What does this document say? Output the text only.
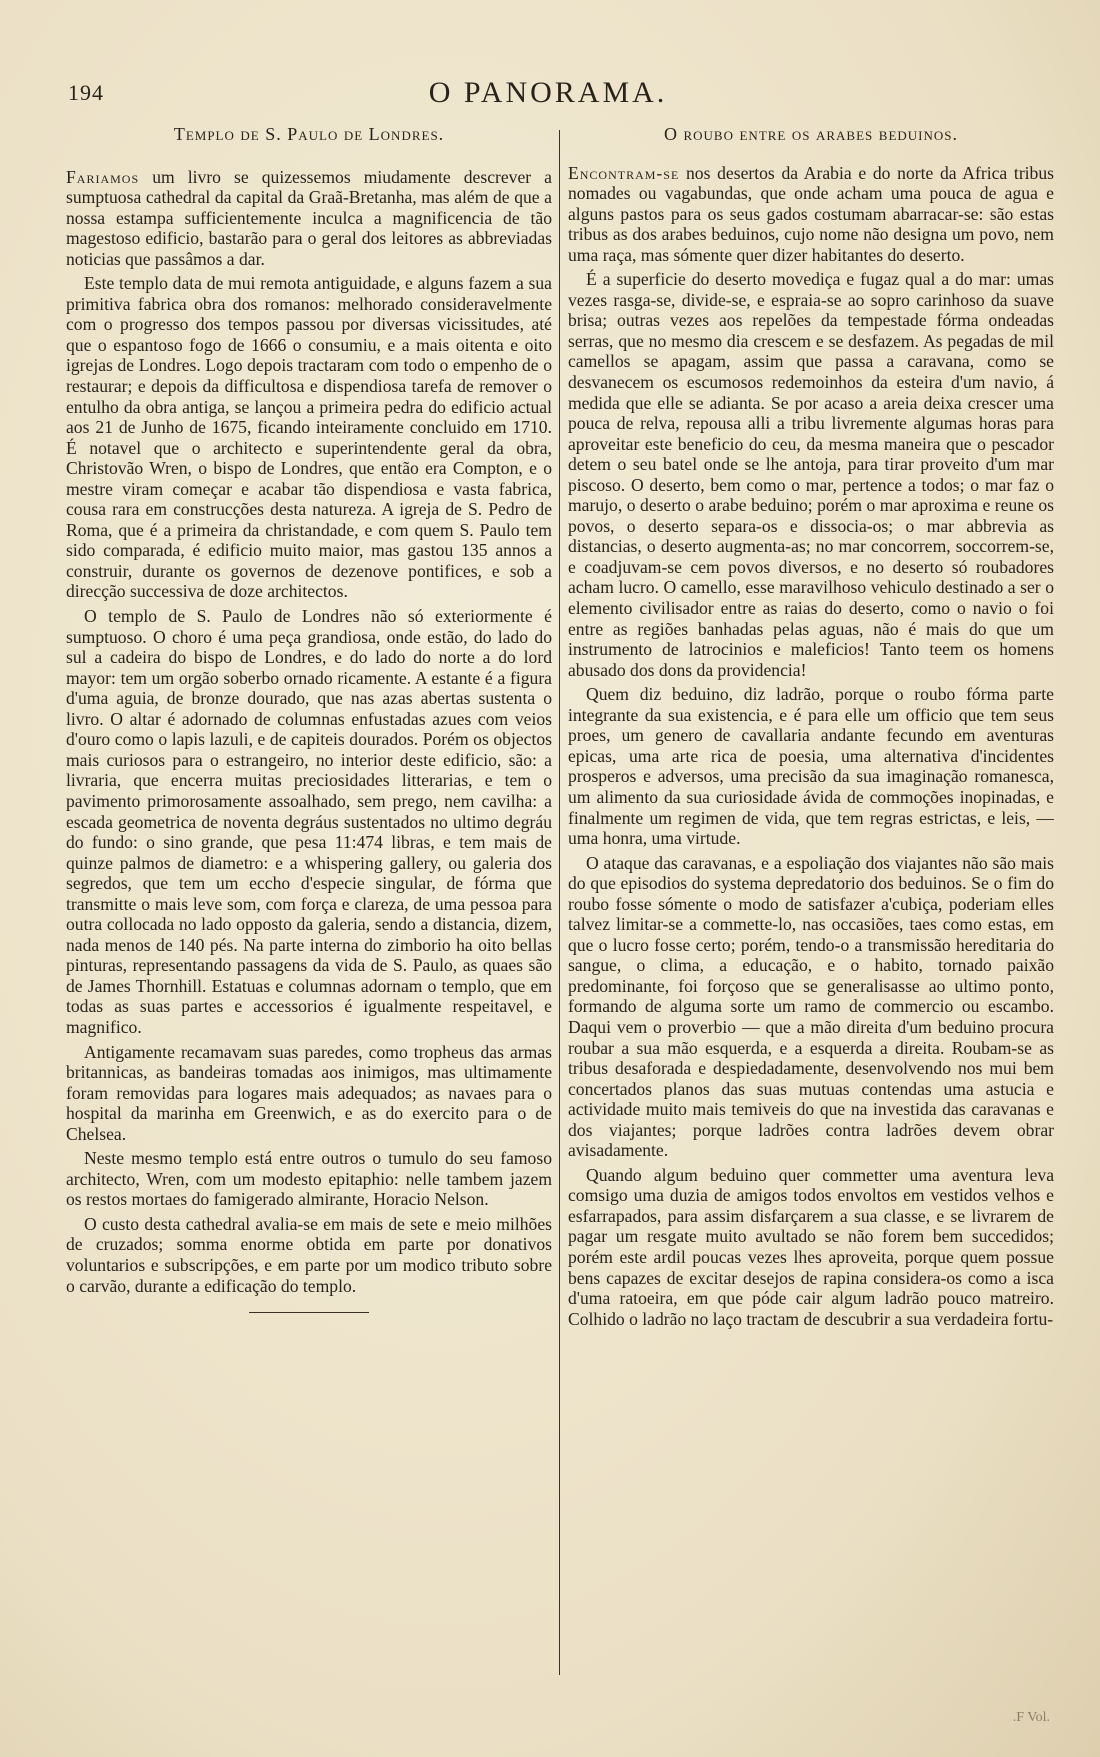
194	O PANORAMA.
Templo de S. Paulo de Londres.

Fariamos um livro se quizessemos miudamente descrever a sumptuosa cathedral da capital da Graã-Bretanha, mas além de que a nossa estampa sufficientemente inculca a magnificencia de tão magestoso edificio, bastarão para o geral dos leitores as abbreviadas noticias que passâmos a dar.

Este templo data de mui remota antiguidade, e alguns fazem a sua primitiva fabrica obra dos romanos: melhorado consideravelmente com o progresso dos tempos passou por diversas vicissitudes, até que o espantoso fogo de 1666 o consumiu, e a mais oitenta e oito igrejas de Londres. Logo depois tractaram com todo o empenho de o restaurar; e depois da difficultosa e dispendiosa tarefa de remover o entulho da obra antiga, se lançou a primeira pedra do edificio actual aos 21 de Junho de 1675, ficando inteiramente concluido em 1710. É notavel que o architecto e superintendente geral da obra, Christovão Wren, o bispo de Londres, que então era Compton, e o mestre viram começar e acabar tão dispendiosa e vasta fabrica, cousa rara em construcções desta natureza. A igreja de S. Pedro de Roma, que é a primeira da christandade, e com quem S. Paulo tem sido comparada, é edificio muito maior, mas gastou 135 annos a construir, durante os governos de dezenove pontifices, e sob a direcção successiva de doze architectos.

O templo de S. Paulo de Londres não só exteriormente é sumptuoso. O choro é uma peça grandiosa, onde estão, do lado do sul a cadeira do bispo de Londres, e do lado do norte a do lord mayor: tem um orgão soberbo ornado ricamente. A estante é a figura d'uma aguia, de bronze dourado, que nas azas abertas sustenta o livro. O altar é adornado de columnas enfustadas azues com veios d'ouro como o lapis lazuli, e de capiteis dourados. Porém os objectos mais curiosos para o estrangeiro, no interior deste edificio, são: a livraria, que encerra muitas preciosidades litterarias, e tem o pavimento primorosamente assoalhado, sem prego, nem cavilha: a escada geometrica de noventa degráus sustentados no ultimo degráu do fundo: o sino grande, que pesa 11:474 libras, e tem mais de quinze palmos de diametro: e a whispering gallery, ou galeria dos segredos, que tem um eccho d'especie singular, de fórma que transmitte o mais leve som, com força e clareza, de uma pessoa para outra collocada no lado opposto da galeria, sendo a distancia, dizem, nada menos de 140 pés. Na parte interna do zimborio ha oito bellas pinturas, representando passagens da vida de S. Paulo, as quaes são de James Thornhill. Estatuas e columnas adornam o templo, que em todas as suas partes e accessorios é igualmente respeitavel, e magnifico.

Antigamente recamavam suas paredes, como tropheus das armas britannicas, as bandeiras tomadas aos inimigos, mas ultimamente foram removidas para logares mais adequados; as navaes para o hospital da marinha em Greenwich, e as do exercito para o de Chelsea.

Neste mesmo templo está entre outros o tumulo do seu famoso architecto, Wren, com um modesto epitaphio: nelle tambem jazem os restos mortaes do famigerado almirante, Horacio Nelson.

O custo desta cathedral avalia-se em mais de sete e meio milhões de cruzados; somma enorme obtida em parte por donativos voluntarios e subscripções, e em parte por um modico tributo sobre o carvão, durante a edificação do templo.

O roubo entre os arabes beduinos.

Encontram-se nos desertos da Arabia e do norte da Africa tribus nomades ou vagabundas, que onde acham uma pouca de agua e alguns pastos para os seus gados costumam abarracar-se: são estas tribus as dos arabes beduinos, cujo nome não designa um povo, nem uma raça, mas sómente quer dizer habitantes do deserto.

É a superficie do deserto movediça e fugaz qual a do mar: umas vezes rasga-se, divide-se, e espraia-se ao sopro carinhoso da suave brisa; outras vezes aos repelões da tempestade fórma ondeadas serras, que no mesmo dia crescem e se desfazem. As pegadas de mil camellos se apagam, assim que passa a caravana, como se desvanecem os escumosos redemoinhos da esteira d'um navio, á medida que elle se adianta. Se por acaso a areia deixa crescer uma pouca de relva, repousa alli a tribu livremente algumas horas para aproveitar este beneficio do ceu, da mesma maneira que o pescador detem o seu batel onde se lhe antoja, para tirar proveito d'um mar piscoso. O deserto, bem como o mar, pertence a todos; o mar faz o marujo, o deserto o arabe beduino; porém o mar aproxima e reune os povos, o deserto separa-os e dissocia-os; o mar abbrevia as distancias, o deserto augmenta-as; no mar concorrem, soccorrem-se, e coadjuvam-se cem povos diversos, e no deserto só roubadores acham lucro. O camello, esse maravilhoso vehiculo destinado a ser o elemento civilisador entre as raias do deserto, como o navio o foi entre as regiões banhadas pelas aguas, não é mais do que um instrumento de latrocinios e maleficios! Tanto teem os homens abusado dos dons da providencia!

Quem diz beduino, diz ladrão, porque o roubo fórma parte integrante da sua existencia, e é para elle um officio que tem seus proes, um genero de cavallaria andante fecundo em aventuras epicas, uma arte rica de poesia, uma alternativa d'incidentes prosperos e adversos, uma precisão da sua imaginação romanesca, um alimento da sua curiosidade ávida de commoções inopinadas, e finalmente um regimen de vida, que tem regras estrictas, e leis, — uma honra, uma virtude.

O ataque das caravanas, e a espoliação dos viajantes não são mais do que episodios do systema depredatorio dos beduinos. Se o fim do roubo fosse sómente o modo de satisfazer a'cubiça, poderiam elles talvez limitar-se a commette-lo, nas occasiões, taes como estas, em que o lucro fosse certo; porém, tendo-o a transmissão hereditaria do sangue, o clima, a educação, e o habito, tornado paixão predominante, foi forçoso que se generalisasse ao ultimo ponto, formando de alguma sorte um ramo de commercio ou escambo. Daqui vem o proverbio — que a mão direita d'um beduino procura roubar a sua mão esquerda, e a esquerda a direita. Roubam-se as tribus desaforada e despiedadamente, desenvolvendo nos mui bem concertados planos das suas mutuas contendas uma astucia e actividade muito mais temiveis do que na investida das caravanas e dos viajantes; porque ladrões contra ladrões devem obrar avisadamente.

Quando algum beduino quer commetter uma aventura leva comsigo uma duzia de amigos todos envoltos em vestidos velhos e esfarrapados, para assim disfarçarem a sua classe, e se livrarem de pagar um resgate muito avultado se não forem bem succedidos; porém este ardil poucas vezes lhes aproveita, porque quem possue bens capazes de excitar desejos de rapina considera-os como a isca d'uma ratoeira, em que póde cair algum ladrão pouco matreiro. Colhido o ladrão no laço tractam de descubrir a sua verdadeira fortu-

.F Vol.
